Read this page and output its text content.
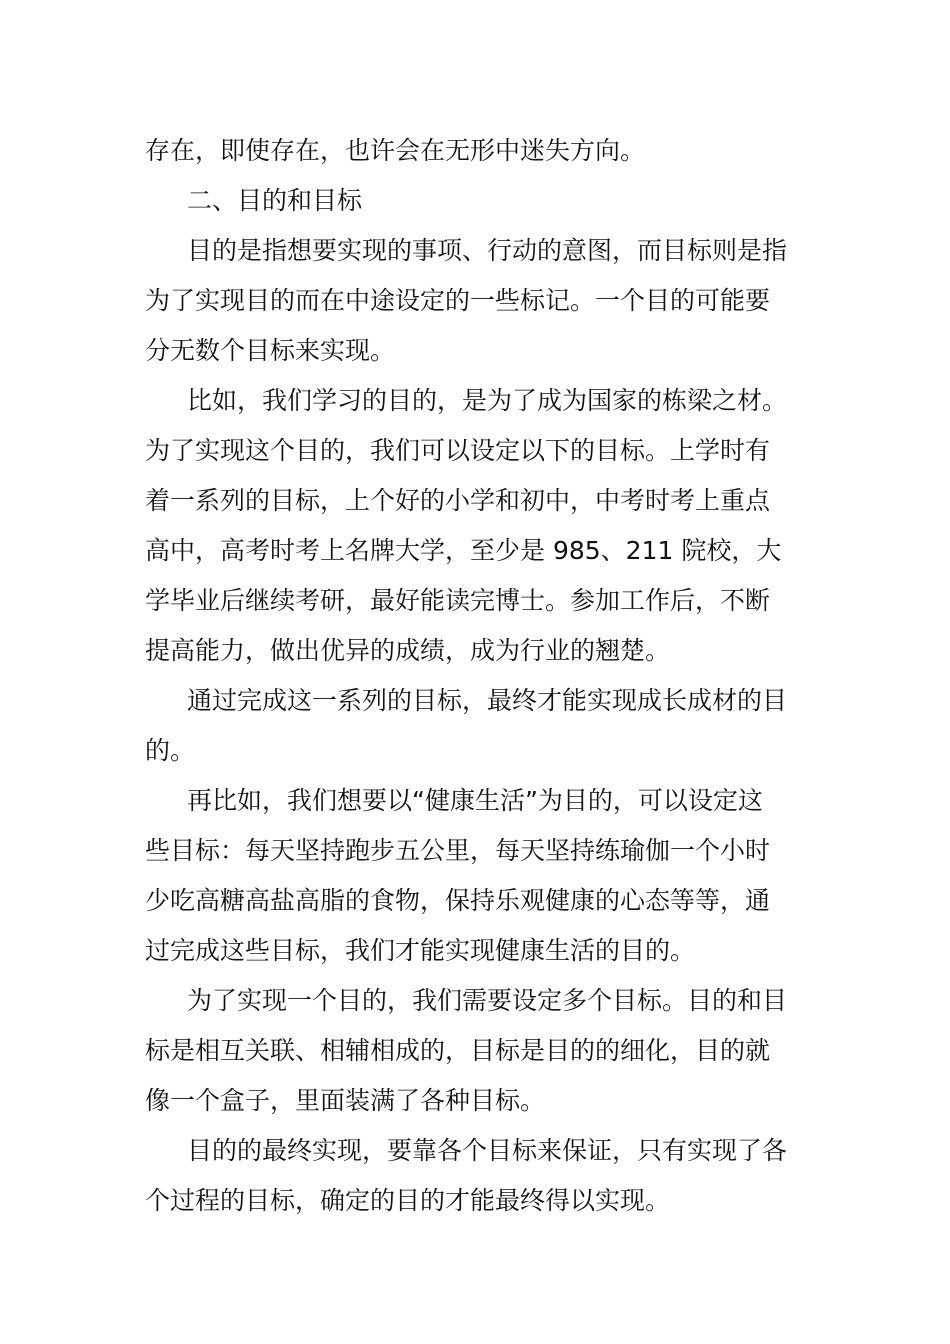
存在，即使存在，也许会在无形中迷失方向。
二、目的和目标
目的是指想要实现的事项、行动的意图，而目标则是指
为了实现目的而在中途设定的一些标记。一个目的可能要
分无数个目标来实现。
比如，我们学习的目的，是为了成为国家的栋梁之材。
为了实现这个目的，我们可以设定以下的目标。上学时有
着一系列的目标，上个好的小学和初中，中考时考上重点
高中，高考时考上名牌大学，至少是 985、211 院校，大
学毕业后继续考研，最好能读完博士。参加工作后，不断
提高能力，做出优异的成绩，成为行业的翘楚。
通过完成这一系列的目标，最终才能实现成长成材的目
的。
再比如，我们想要以“健康生活”为目的，可以设定这
些目标：每天坚持跑步五公里，每天坚持练瑜伽一个小时
少吃高糖高盐高脂的食物，保持乐观健康的心态等等，通
过完成这些目标，我们才能实现健康生活的目的。
为了实现一个目的，我们需要设定多个目标。目的和目
标是相互关联、相辅相成的，目标是目的的细化，目的就
像一个盒子，里面装满了各种目标。
目的的最终实现，要靠各个目标来保证，只有实现了各
个过程的目标，确定的目的才能最终得以实现。
